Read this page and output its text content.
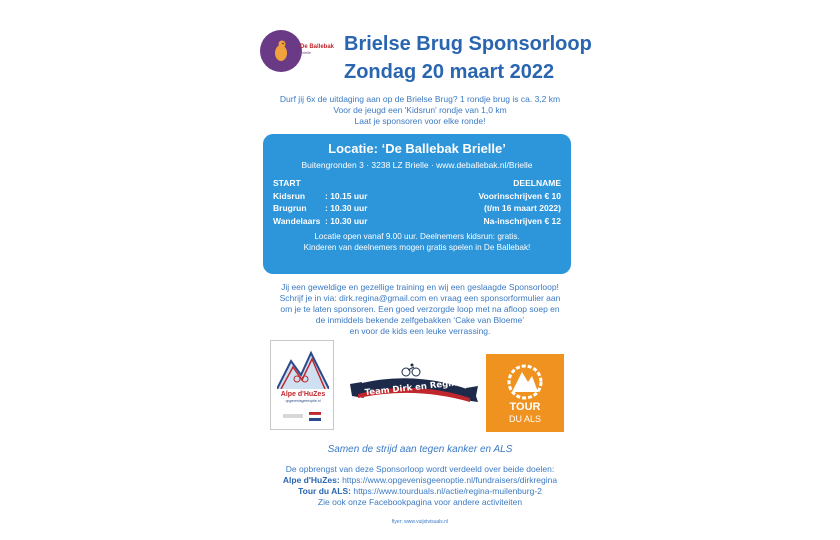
De Ballebak
Brielle	Brielse Brug Sponsorloop
Zondag 20 maart 2022
Durf jij 6x de uitdaging aan op de Brielse Brug? 1 rondje brug is ca. 3,2 km
Voor de jeugd een 'Kidsrun' rondje van 1,0 km
Laat je sponsoren voor elke ronde!
Locatie: ‘De Ballebak Brielle’
Buitengronden 3 · 3238 LZ Brielle · www.deballebak.nl/Brielle
START
Kidsrun	: 10.15 uur
Brugrun	: 10.30 uur
Wandelaars : 10.30 uur
DEELNAME
Voorinschrijven € 10
(t/m 16 maart 2022)
Na-inschrijven € 12
Locatie open vanaf 9.00 uur. Deelnemers kidsrun: gratis.
Kinderen van deelnemers mogen gratis spelen in De Ballebak!
Jij een geweldige en gezellige training en wij een geslaagde Sponsorloop!
Schrijf je in via: dirk.regina@gmail.com en vraag een sponsorformulier aan
om je te laten sponsoren. Een goed verzorgde loop met na afloop soep en
de inmiddels bekende zelfgebakken ‘Cake van Bloeme’
en voor de kids een leuke verrassing.
Alpe d'HuZes
opgevenisgeenoptie.nl
Team Dirk en Regina
TOUR
DU ALS
Samen de strijd aan tegen kanker en ALS
De opbrengst van deze Sponsorloop wordt verdeeld over beide doelen:
Alpe d'HuZes: https://www.opgevenisgeenoptie.nl/fundraisers/dirkregina
Tour du ALS: https://www.tourduals.nl/actie/regina-muilenburg-2
Zie ook onze Facebookpagina voor andere activiteiten
flyer: www.vuijstvisuals.nl
